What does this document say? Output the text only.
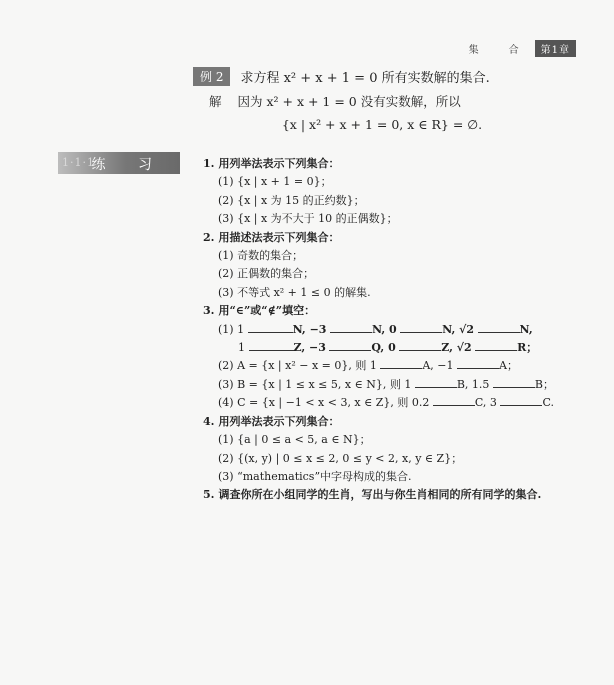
集　合	第1章
例 2	求方程 x² + x + 1 = 0 所有实数解的集合.
解 因为 x² + x + 1 = 0 没有实数解，所以
{x | x² + x + 1 = 0, x ∈ R} = ∅.
1·1·1
练 习	1. 用列举法表示下列集合：
(1) {x | x + 1 = 0}；
(2) {x | x 为 15 的正约数}；
(3) {x | x 为不大于 10 的正偶数}；
2. 用描述法表示下列集合：
(1) 奇数的集合；
(2) 正偶数的集合；
(3) 不等式 x² + 1 ≤ 0 的解集.
3. 用“∈”或“∉”填空：
(1) 1	N, −3	N, 0	N, √2	N,
1	Z, −3	Q, 0	Z, √2	R；
(2) A = {x | x² − x = 0}, 则 1	A, −1	A；
(3) B = {x | 1 ≤ x ≤ 5, x ∈ N}, 则 1	B, 1.5	B；
(4) C = {x | −1 < x < 3, x ∈ Z}, 则 0.2	C, 3	C.
4. 用列举法表示下列集合：
(1) {a | 0 ≤ a < 5, a ∈ N}；
(2) {(x, y) | 0 ≤ x ≤ 2, 0 ≤ y < 2, x, y ∈ Z}；
(3) “mathematics”中字母构成的集合.
5. 调查你所在小组同学的生肖，写出与你生肖相同的所有同学的集合.
